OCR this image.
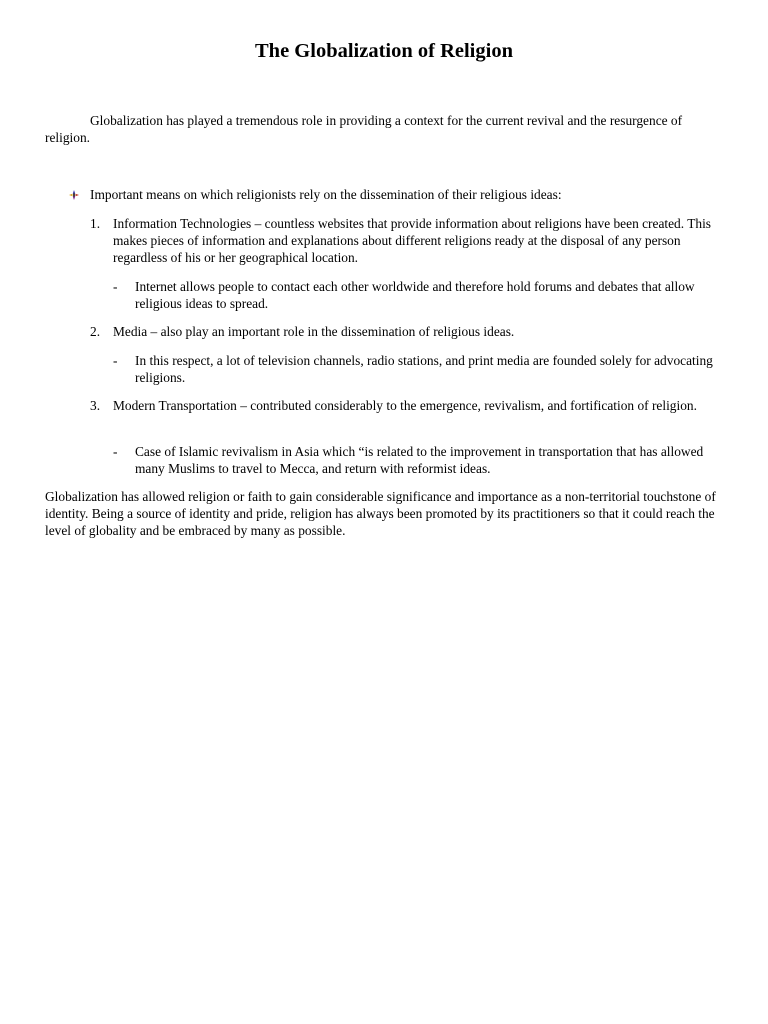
The Globalization of Religion
Globalization has played a tremendous role in providing a context for the current revival and the resurgence of religion.
Important means on which religionists rely on the dissemination of their religious ideas:
1. Information Technologies – countless websites that provide information about religions have been created. This makes pieces of information and explanations about different religions ready at the disposal of any person regardless of his or her geographical location.
- Internet allows people to contact each other worldwide and therefore hold forums and debates that allow religious ideas to spread.
2. Media – also play an important role in the dissemination of religious ideas.
- In this respect, a lot of television channels, radio stations, and print media are founded solely for advocating religions.
3. Modern Transportation – contributed considerably to the emergence, revivalism, and fortification of religion.
- Case of Islamic revivalism in Asia which “is related to the improvement in transportation that has allowed many Muslims to travel to Mecca, and return with reformist ideas.
Globalization has allowed religion or faith to gain considerable significance and importance as a non-territorial touchstone of identity. Being a source of identity and pride, religion has always been promoted by its practitioners so that it could reach the level of globality and be embraced by many as possible.
